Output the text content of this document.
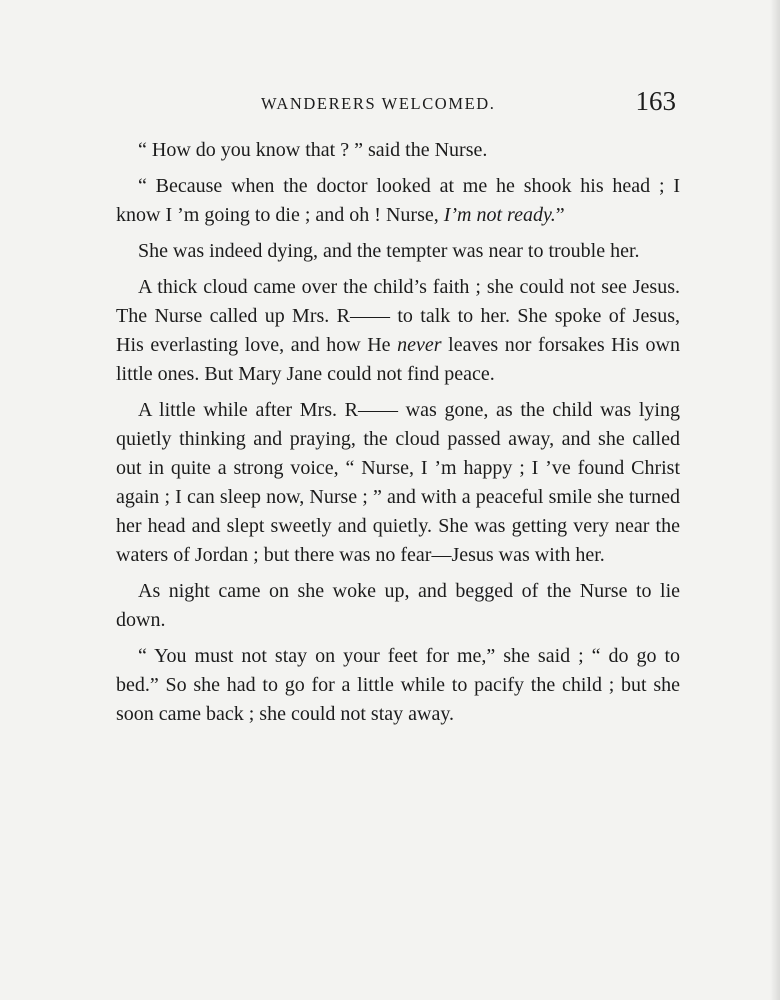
WANDERERS WELCOMED.	163

“ How do you know that ? ” said the Nurse.

“ Because when the doctor looked at me he shook his head ; I know I ’m going to die ; and oh ! Nurse, I’m not ready.”

She was indeed dying, and the tempter was near to trouble her.

A thick cloud came over the child’s faith ; she could not see Jesus. The Nurse called up Mrs. R—— to talk to her. She spoke of Jesus, His everlasting love, and how He never leaves nor forsakes His own little ones. But Mary Jane could not find peace.

A little while after Mrs. R—— was gone, as the child was lying quietly thinking and praying, the cloud passed away, and she called out in quite a strong voice, “ Nurse, I ’m happy ; I ’ve found Christ again ; I can sleep now, Nurse ; ” and with a peaceful smile she turned her head and slept sweetly and quietly. She was getting very near the waters of Jordan ; but there was no fear—Jesus was with her.

As night came on she woke up, and begged of the Nurse to lie down.

“ You must not stay on your feet for me,” she said ; “ do go to bed.” So she had to go for a little while to pacify the child ; but she soon came back ; she could not stay away.
